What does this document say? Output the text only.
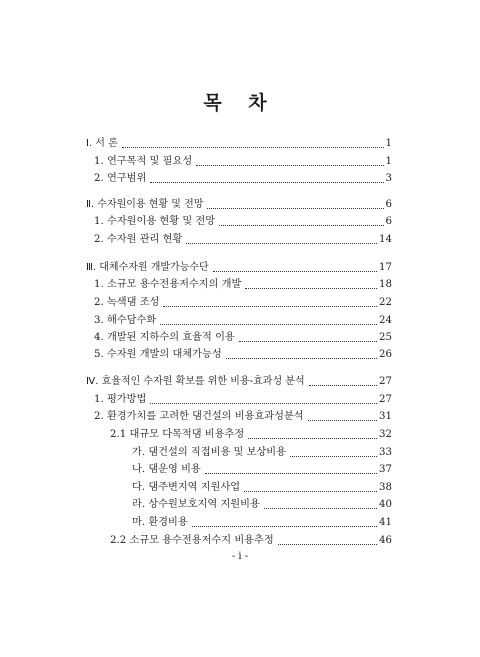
목 차
Ⅰ. 서 론	1
1. 연구목적 및 필요성	1
2. 연구범위	3
Ⅱ. 수자원이용 현황 및 전망	6
1. 수자원이용 현황 및 전망	6
2. 수자원 관리 현황	14
Ⅲ. 대체수자원 개발가능수단	17
1. 소규모 용수전용저수지의 개발	18
2. 녹색댐 조성	22
3. 해수담수화	24
4. 개발된 지하수의 효율적 이용	25
5. 수자원 개발의 대체가능성	26
Ⅳ. 효율적인 수자원 확보를 위한 비용-효과성 분석	27
1. 평가방법	27
2. 환경가치를 고려한 댐건설의 비용효과성분석	31
2.1 대규모 다목적댐 비용추정	32
가. 댐건설의 직접비용 및 보상비용	33
나. 댐운영 비용	37
다. 댐주변지역 지원사업	38
라. 상수원보호지역 지원비용	40
마. 환경비용	41
2.2 소규모 용수전용저수지 비용추정	46
- i -
